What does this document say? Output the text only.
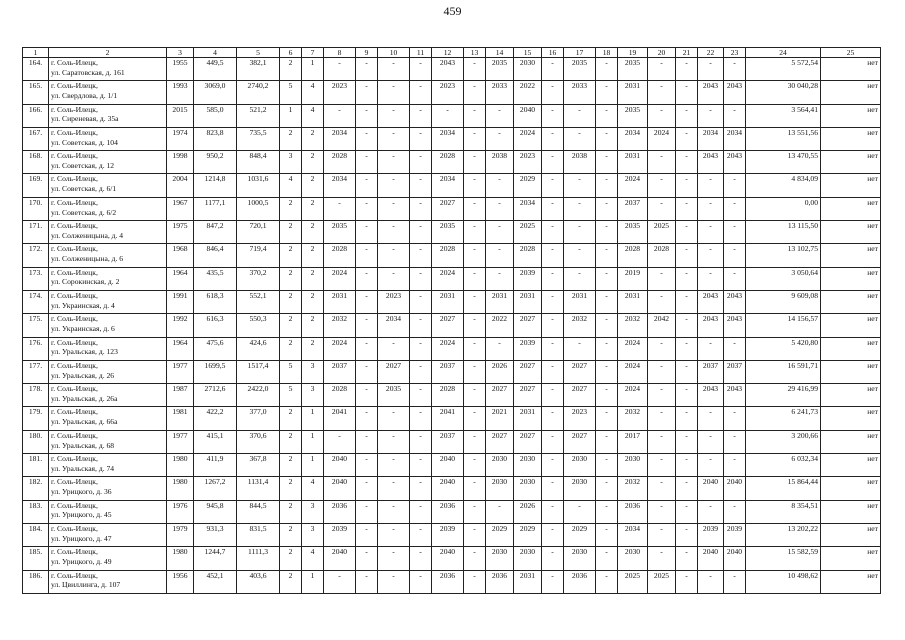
459
1	2	3	4	5	6	7	8	9	10	11	12	13	14	15	16	17	18	19	20	21	22	23	24	25
164.	г. Соль-Илецк,
ул. Саратовская, д. 161	1955	449,5	382,1	2	1	-	-	-	-	2043	-	2035	2030	-	2035	-	2035	-	-	-	-	5 572,54	нет
165.	г. Соль-Илецк,
ул. Свердлова, д. 1/1	1993	3069,0	2740,2	5	4	2023	-	-	-	2023	-	2033	2022	-	2033	-	2031	-	-	2043	2043	30 040,28	нет
166.	г. Соль-Илецк,
ул. Сиреневая, д. 35а	2015	585,0	521,2	1	4	-	-	-	-	-	-	-	2040	-	-	-	2035	-	-	-	-	3 564,41	нет
167.	г. Соль-Илецк,
ул. Советская, д. 104	1974	823,8	735,5	2	2	2034	-	-	-	2034	-	-	2024	-	-	-	2034	2024	-	2034	2034	13 551,56	нет
168.	г. Соль-Илецк,
ул. Советская, д. 12	1998	950,2	848,4	3	2	2028	-	-	-	2028	-	2038	2023	-	2038	-	2031	-	-	2043	2043	13 470,55	нет
169.	г. Соль-Илецк,
ул. Советская, д. 6/1	2004	1214,8	1031,6	4	2	2034	-	-	-	2034	-	-	2029	-	-	-	2024	-	-	-	-	4 834,09	нет
170.	г. Соль-Илецк,
ул. Советская, д. 6/2	1967	1177,1	1000,5	2	2	-	-	-	-	2027	-	-	2034	-	-	-	2037	-	-	-	-	0,00	нет
171.	г. Соль-Илецк,
ул. Солженицына, д. 4	1975	847,2	720,1	2	2	2035	-	-	-	2035	-	-	2025	-	-	-	2035	2025	-	-	-	13 115,50	нет
172.	г. Соль-Илецк,
ул. Солженицына, д. 6	1968	846,4	719,4	2	2	2028	-	-	-	2028	-	-	2028	-	-	-	2028	2028	-	-	-	13 102,75	нет
173.	г. Соль-Илецк,
ул. Сорокинская, д. 2	1964	435,5	370,2	2	2	2024	-	-	-	2024	-	-	2039	-	-	-	2019	-	-	-	-	3 050,64	нет
174.	г. Соль-Илецк,
ул. Украинская, д. 4	1991	618,3	552,1	2	2	2031	-	2023	-	2031	-	2031	2031	-	2031	-	2031	-	-	2043	2043	9 609,08	нет
175.	г. Соль-Илецк,
ул. Украинская, д. 6	1992	616,3	550,3	2	2	2032	-	2034	-	2027	-	2022	2027	-	2032	-	2032	2042	-	2043	2043	14 156,57	нет
176.	г. Соль-Илецк,
ул. Уральская, д. 123	1964	475,6	424,6	2	2	2024	-	-	-	2024	-	-	2039	-	-	-	2024	-	-	-	-	5 420,80	нет
177.	г. Соль-Илецк,
ул. Уральская, д. 26	1977	1699,5	1517,4	5	3	2037	-	2027	-	2037	-	2026	2027	-	2027	-	2024	-	-	2037	2037	16 591,71	нет
178.	г. Соль-Илецк,
ул. Уральская, д. 26а	1987	2712,6	2422,0	5	3	2028	-	2035	-	2028	-	2027	2027	-	2027	-	2024	-	-	2043	2043	29 416,99	нет
179.	г. Соль-Илецк,
ул. Уральская, д. 66а	1981	422,2	377,0	2	1	2041	-	-	-	2041	-	2021	2031	-	2023	-	2032	-	-	-	-	6 241,73	нет
180.	г. Соль-Илецк,
ул. Уральская, д. 68	1977	415,1	370,6	2	1	-	-	-	-	2037	-	2027	2027	-	2027	-	2017	-	-	-	-	3 200,66	нет
181.	г. Соль-Илецк,
ул. Уральская, д. 74	1980	411,9	367,8	2	1	2040	-	-	-	2040	-	2030	2030	-	2030	-	2030	-	-	-	-	6 032,34	нет
182.	г. Соль-Илецк,
ул. Урицкого, д. 36	1980	1267,2	1131,4	2	4	2040	-	-	-	2040	-	2030	2030	-	2030	-	2032	-	-	2040	2040	15 864,44	нет
183.	г. Соль-Илецк,
ул. Урицкого, д. 45	1976	945,8	844,5	2	3	2036	-	-	-	2036	-	-	2026	-	-	-	2036	-	-	-	-	8 354,51	нет
184.	г. Соль-Илецк,
ул. Урицкого, д. 47	1979	931,3	831,5	2	3	2039	-	-	-	2039	-	2029	2029	-	2029	-	2034	-	-	2039	2039	13 202,22	нет
185.	г. Соль-Илецк,
ул. Урицкого, д. 49	1980	1244,7	1111,3	2	4	2040	-	-	-	2040	-	2030	2030	-	2030	-	2030	-	-	2040	2040	15 582,59	нет
186.	г. Соль-Илецк,
ул. Цвиллинга, д. 107	1956	452,1	403,6	2	1	-	-	-	-	2036	-	2036	2031	-	2036	-	2025	2025	-	-	-	10 498,62	нет
